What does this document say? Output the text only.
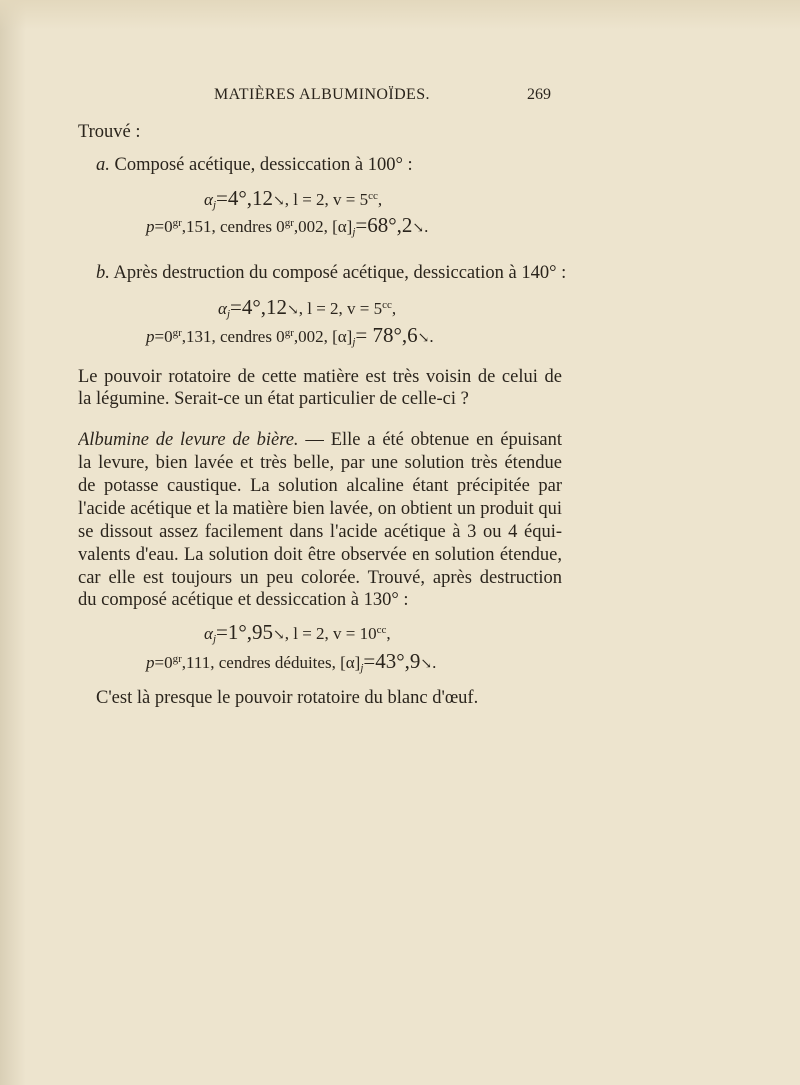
MATIÈRES ALBUMINOÏDES.	269
Trouvé :
a. Composé acétique, dessiccation à 100° :
$\alpha_j=4^\circ,12↘$, l = 2, $v = 5^{cc}$,
$p=0^{gr},151$, cendres $0^{gr},002$, $[\alpha]_j=68^\circ,2↘$.
b. Après destruction du composé acétique, dessiccation à 140° :
$\alpha_j=4^\circ,12↘$, l = 2, $v = 5^{cc}$,
$p=0^{gr},131$, cendres $0^{gr},002$, $[\alpha]_j=$ 78°,6↘.
Le pouvoir rotatoire de cette matière est très voisin de celui de
la légumine. Serait-ce un état particulier de celle-ci ?
Albumine de levure de bière. — Elle a été obtenue en épuisant
la levure, bien lavée et très belle, par une solution très étendue
de potasse caustique. La solution alcaline étant précipitée par
l'acide acétique et la matière bien lavée, on obtient un produit qui
se dissout assez facilement dans l'acide acétique à 3 ou 4 équi-
valents d'eau. La solution doit être observée en solution étendue,
car elle est toujours un peu colorée. Trouvé, après destruction
du composé acétique et dessiccation à 130° :
$\alpha_j=1^\circ,95↘$, l = 2, $v = 10^{cc}$,
$p=0^{gr},111$, cendres déduites, $[\alpha]_j=43^\circ,9↘$.
C'est là presque le pouvoir rotatoire du blanc d'œuf.
